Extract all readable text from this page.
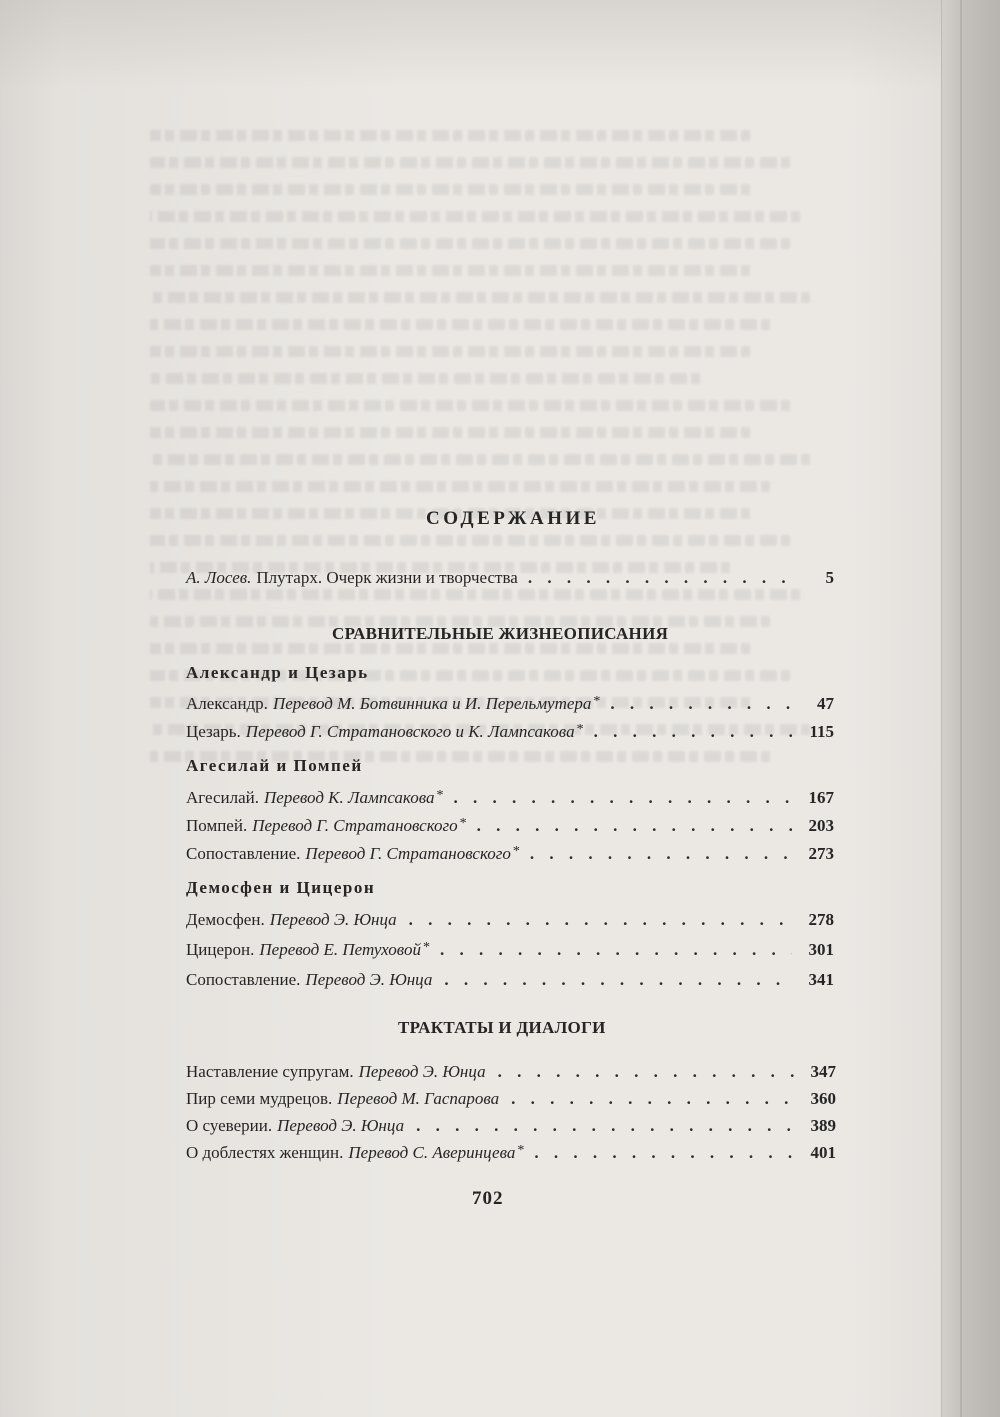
СОДЕРЖАНИЕ
А. Лосев. Плутарх. Очерк жизни и творчества . . .	5
СРАВНИТЕЛЬНЫЕ ЖИЗНЕОПИСАНИЯ
Александр и Цезарь
Александр. Перевод М. Ботвинника и И. Перельмутера * . . .	47
Цезарь. Перевод Г. Стратановского и К. Лампсакова * . . .	115
Агесилай и Помпей
Агесилай. Перевод К. Лампсакова * . . .	167
Помпей. Перевод Г. Стратановского * . . .	203
Сопоставление. Перевод Г. Стратановского * . . .	273
Демосфен и Цицерон
Демосфен. Перевод Э. Юнца . . .	278
Цицерон. Перевод Е. Петуховой * . . .	301
Сопоставление. Перевод Э. Юнца . . .	341
ТРАКТАТЫ И ДИАЛОГИ
Наставление супругам. Перевод Э. Юнца . . .	347
Пир семи мудрецов. Перевод М. Гаспарова . . .	360
О суеверии. Перевод Э. Юнца . . .	389
О доблестях женщин. Перевод С. Аверинцева * . . .	401
702
